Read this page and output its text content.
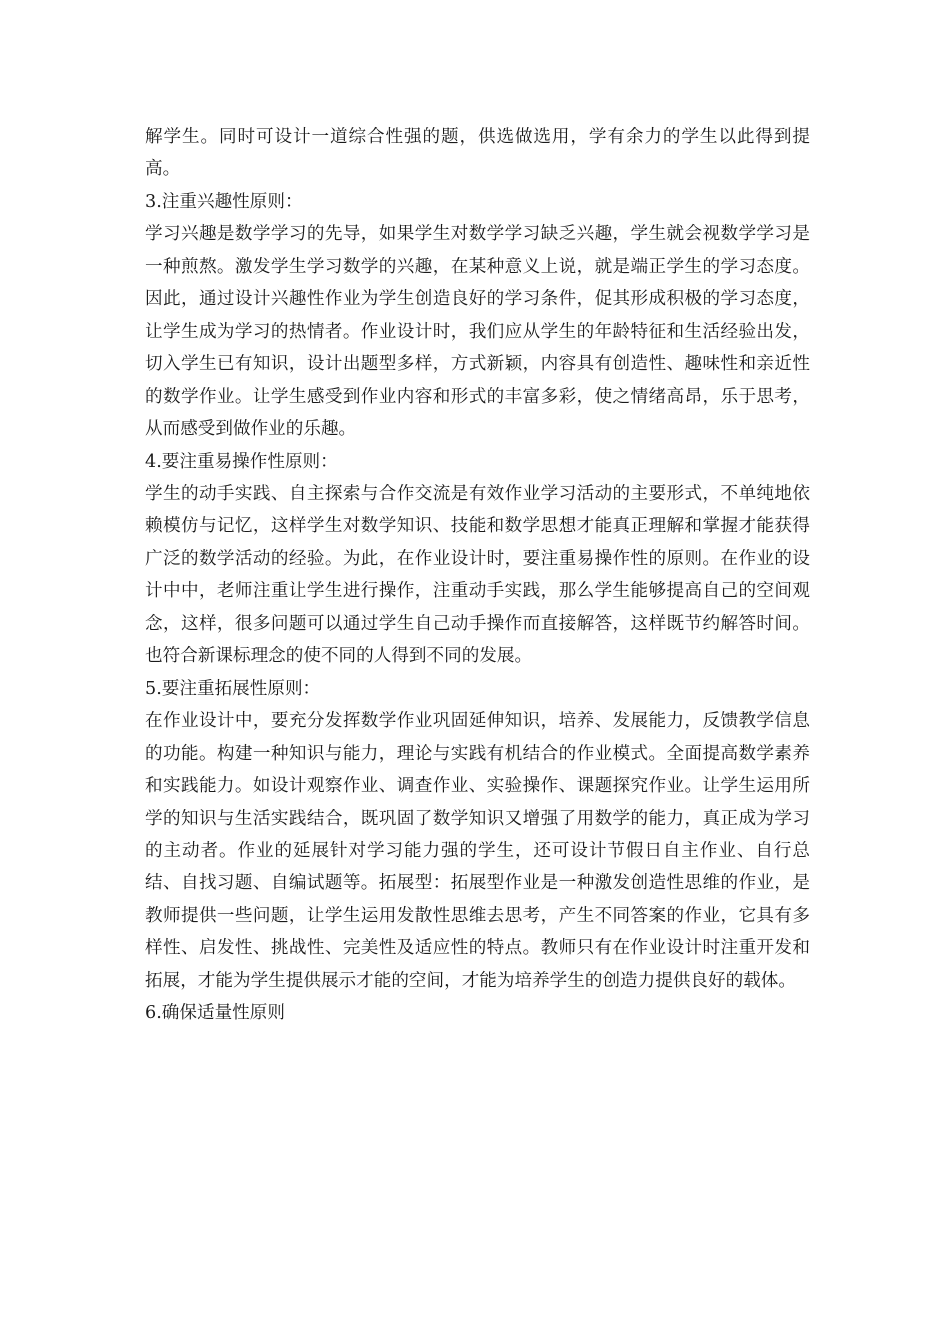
解学生。同时可设计一道综合性强的题，供选做选用，学有余力的学生以此得到提高。

3.注重兴趣性原则：

学习兴趣是数学学习的先导，如果学生对数学学习缺乏兴趣，学生就会视数学学习是一种煎熬。激发学生学习数学的兴趣，在某种意义上说，就是端正学生的学习态度。因此，通过设计兴趣性作业为学生创造良好的学习条件，促其形成积极的学习态度，让学生成为学习的热情者。作业设计时，我们应从学生的年龄特征和生活经验出发，切入学生已有知识，设计出题型多样，方式新颖，内容具有创造性、趣味性和亲近性的数学作业。让学生感受到作业内容和形式的丰富多彩，使之情绪高昂，乐于思考，从而感受到做作业的乐趣。

4.要注重易操作性原则：

学生的动手实践、自主探索与合作交流是有效作业学习活动的主要形式，不单纯地依赖模仿与记忆，这样学生对数学知识、技能和数学思想才能真正理解和掌握才能获得广泛的数学活动的经验。为此，在作业设计时，要注重易操作性的原则。在作业的设计中中，老师注重让学生进行操作，注重动手实践，那么学生能够提高自己的空间观念，这样，很多问题可以通过学生自己动手操作而直接解答，这样既节约解答时间。也符合新课标理念的使不同的人得到不同的发展。

5.要注重拓展性原则：

在作业设计中，要充分发挥数学作业巩固延伸知识，培养、发展能力，反馈教学信息的功能。构建一种知识与能力，理论与实践有机结合的作业模式。全面提高数学素养和实践能力。如设计观察作业、调查作业、实验操作、课题探究作业。让学生运用所学的知识与生活实践结合，既巩固了数学知识又增强了用数学的能力，真正成为学习的主动者。作业的延展针对学习能力强的学生，还可设计节假日自主作业、自行总结、自找习题、自编试题等。拓展型：拓展型作业是一种激发创造性思维的作业，是教师提供一些问题，让学生运用发散性思维去思考，产生不同答案的作业，它具有多样性、启发性、挑战性、完美性及适应性的特点。教师只有在作业设计时注重开发和拓展，才能为学生提供展示才能的空间，才能为培养学生的创造力提供良好的载体。

6.确保适量性原则
